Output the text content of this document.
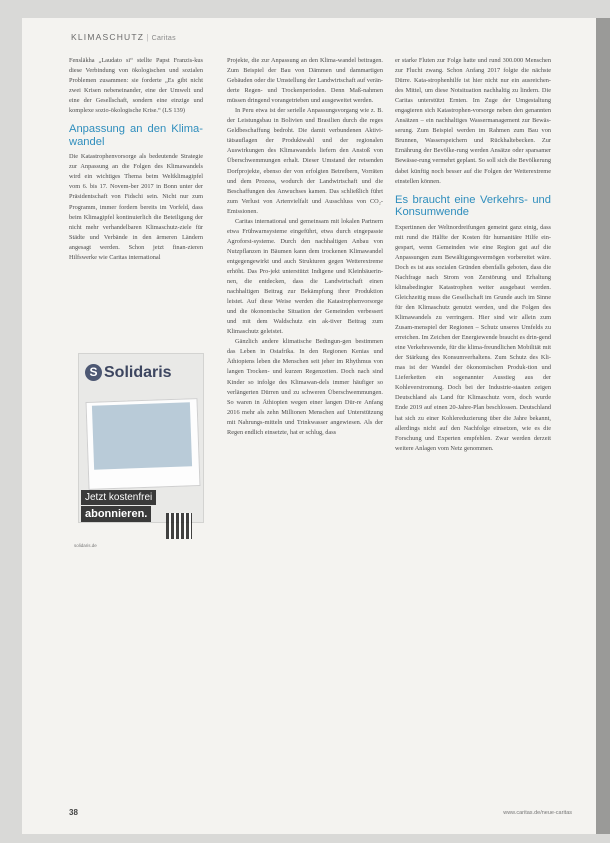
KLIMASCHUTZ | Caritas

Fensläkha „Laudato si“ stellte Papst Franzis-kus diese Verbindung von ökologischen und sozialen Problemen zusammen: sie forderte „Es gibt nicht zwei Krisen nebeneinander, eine der Umwelt und eine der Gesellschaft, sondern eine einzige und komplexe sozio-ökologische Krise.“ (LS 139)

Anpassung an den Klima-wandel

Die Katastrophenvorsorge als bedeutende Strategie zur Anpassung an die Folgen des Klimawandels wird ein wichtiges Thema beim Weltklimagipfel vom 6. bis 17. Novem-ber 2017 in Bonn unter der Präsidentschaft von Fidschi sein. Nicht nur zum Programm, immer fordern bereits im Vorfeld, dass beim Klimagipfel kontinuierlich die Beteiligung der nicht mehr verhandelbaren Klimaschutz-ziele für Städte und Verbände in den ärmeren Ländern angesagt werden. Schon jetzt finan-zieren Hilfswerke wie Caritas international

S Solidaris
Jetzt kostenfrei
abonnieren.
solidaris.de

Projekte, die zur Anpassung an den Klima-wandel beitragen. Zum Beispiel der Bau von Dämmen und dammartigen Gebäuden oder die Umstellung der Landwirtschaft auf verän-derte Regen- und Trockenperioden. Denn Maß-nahmen müssen dringend vorangetrieben und ausgeweitet werden.

In Peru etwa ist der serielle Anpassungsvorgang wie z. B. der Leistungsbau in Bolivien und Brasilien durch die reges Geldbeschaffung bedroht. Die damit verbundenen Aktivi-tätsauflagen der Produktwahl und der regionalen Auswirkungen des Klimawandels liefern den Anstoß von Überschwemmungen erhalt. Dieser Umstand der reisenden Dorfprojekte, ebenso der von erfolgten Betreibern, Vorräten und dem Prozess, wodurch der Landwirtschaft und die Beschaffungen des Anwuchses kamen. Das schließlich führt zum Verlust von Artenvielfalt und Ausschluss von CO₂-Emissionen.

Caritas international und gemeinsam mit lokalen Partnern etwa Frühwarnsysteme eingeführt, etwa durch eingepasste Agroforst-systeme. Durch den nachhaltigen Anbau von Nutzpflanzen in Bäumen kann dem trockenen Klimawandel entgegengewirkt und auch Strukturen gegen Wetterextreme erhöht. Das Pro-jekt unterstützt Indigene und Kleinbäuerin-nen, die entdecken, dass die Landwirtschaft einen nachhaltigen Beitrag zur Bekämpfung ihrer Produktion leistet. Auf diese Weise werden die Katastrophenvorsorge und die ökonomische Situation der Gemeinden verbessert und mit dem Waldschutz ein ak-tiver Beitrag zum Klimaschutz geleistet.

Gänzlich andere klimatische Bedingun-gen bestimmen das Leben in Ostafrika. In den Regionen Kenias und Äthiopiens leben die Menschen seit jeher im Rhythmus von langen Trocken- und kurzen Regenzeiten. Doch nach sind Kinder so infolge des Klimawan-dels immer häufiger so verlängerten Dürren und zu schweren Überschwemmungen. So waren in Äthiopien wegen einer langen Dür-re Anfang 2016 mehr als zehn Millionen Menschen auf Unterstützung mit Nahrungs-mitteln und Trinkwasser angewiesen. Als der Regen endlich einsetzte, hat er schlug, dass

er starke Fluten zur Folge hatte und rund 300.000 Menschen zur Flucht zwang. Schon Anfang 2017 folgte die nächste Dürre. Kata-strophenhilfe ist hier nicht nur ein ausreichen-des Mittel, um diese Notsituation nachhaltig zu lindern. Die Caritas unterstützt Ernten. Im Zuge der Umgestaltung engagieren sich Katastrophen-vorsorge neben den genannten Ansätzen – ein nachhaltiges Wassermanagement zur Bewäs-serung. Zum Beispiel werden im Rahmen zum Bau von Brunnen, Wasserspeichern und Rückhaltebecken. Zur Ernährung der Bevölke-rung werden Ansätze oder sparsamer Bewässe-rung vermehrt geplant. So soll sich die Bevölkerung dabei künftig noch besser auf die Folgen der Wetterextreme einstellen können.

Es braucht eine Verkehrs- und Konsumwende

Expertinnen der Weltnordreifungen gemeint ganz einig, dass mit rund die Hälfte der Kosten für humanitäre Hilfe ein-gespart, wenn Gemeinden wie eine Region gut auf die Anpassungen zum Bewältigungsvermögen vorbereitet wäre. Doch es ist aus sozialen Gründen ebenfalls geboten, dass die Nachfrage nach Strom von Zerstörung und Erhaltung klimabedingter Katastrophen weiter ausgebaut werden. Gleichzeitig muss die Gesellschaft im Grunde auch im Sinne für den Klimaschutz genutzt werden, und die Folgen des Klimawandels zu verringern. Hier sind wir allein zum Zusam-menspiel der Regionen – Schutz unseres Umfelds zu erreichen. Im Zeichen der Energiewende braucht es drin-gend eine Verkehrswende, für die klima-freundlichen Mobilität mit der Stärkung des Konsumverhaltens. Zum Schutz des Kli-mas ist der Wandel der ökonomischen Produk-tion und Lieferketten ein sogenannter Ausstieg aus der Kohleverstromung. Doch bei der Industrie-staaten zeigen Deutschland als Land für Klimaschutz vorn, doch wurde Ende 2019 auf einen 20-Jahre-Plan beschlossen. Deutschland hat sich zu einer Kohlereduzierung über die Jahre bekannt, allerdings nicht auf den Nachfolge einsetzen, wie es die Forschung und Experten empfehlen. Zwar werden derzeit weitere Anlagen vom Netz genommen.

38	www.caritas.de/neue-caritas
